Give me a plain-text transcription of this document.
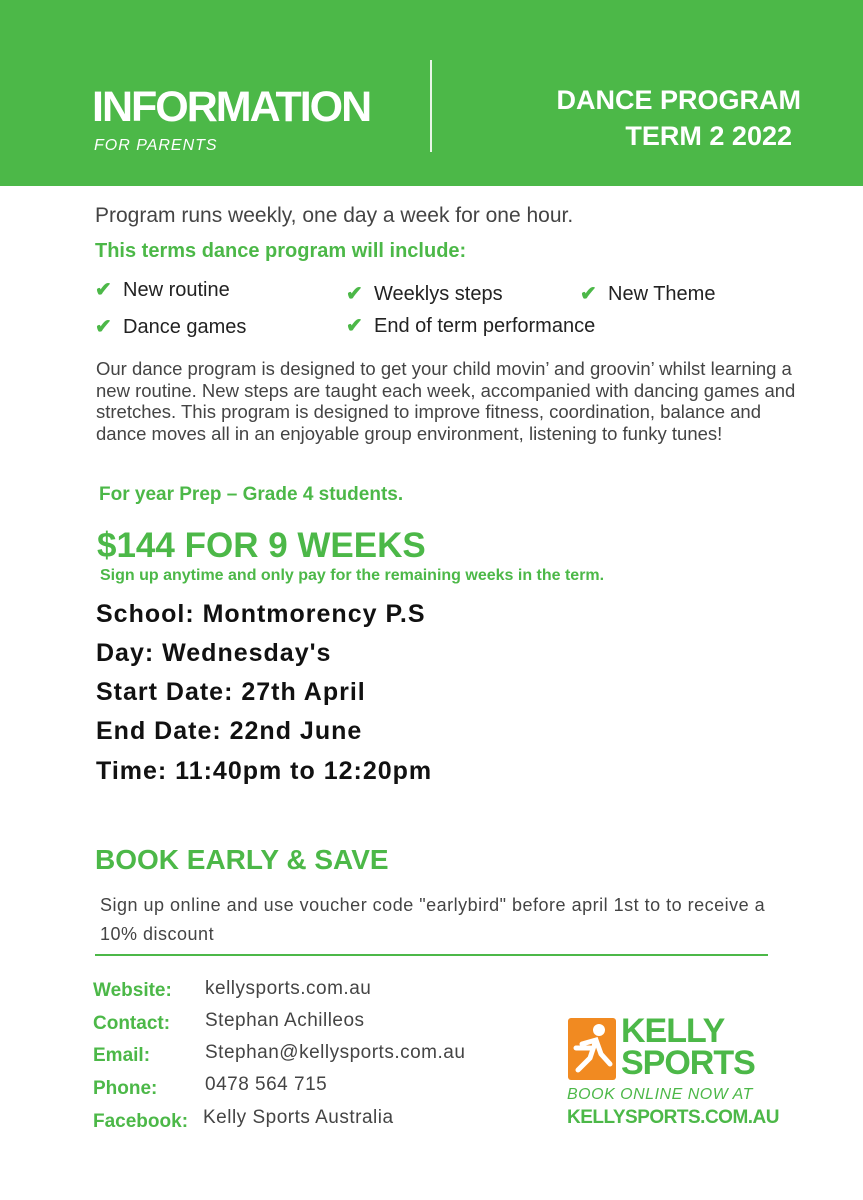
INFORMATION
FOR PARENTS
DANCE PROGRAM
TERM 2 2022
Program runs weekly, one day a week for one hour.
This terms dance program will include:
✔ New routine	✔ Weeklys steps	✔ New Theme
✔ Dance games	✔ End of term performance
Our dance program is designed to get your child movin’ and groovin’ whilst learning a new routine. New steps are taught each week, accompanied with dancing games and stretches. This program is designed to improve fitness, coordination, balance and dance moves all in an enjoyable group environment, listening to funky tunes!
For year Prep – Grade 4 students.
$144 FOR 9 WEEKS
Sign up anytime and only pay for the remaining weeks in the term.
School: Montmorency P.S
Day: Wednesday's
Start Date: 27th April
End Date: 22nd June
Time: 11:40pm to 12:20pm
BOOK EARLY & SAVE
Sign up online and use voucher code "earlybird" before april 1st to to receive a 10% discount
Website: kellysports.com.au
Contact: Stephan Achilleos
Email:	Stephan@kellysports.com.au
Phone:	0478 564 715
Facebook: Kelly Sports Australia
KELLY
SPORTS
BOOK ONLINE NOW AT
KELLYSPORTS.COM.AU
